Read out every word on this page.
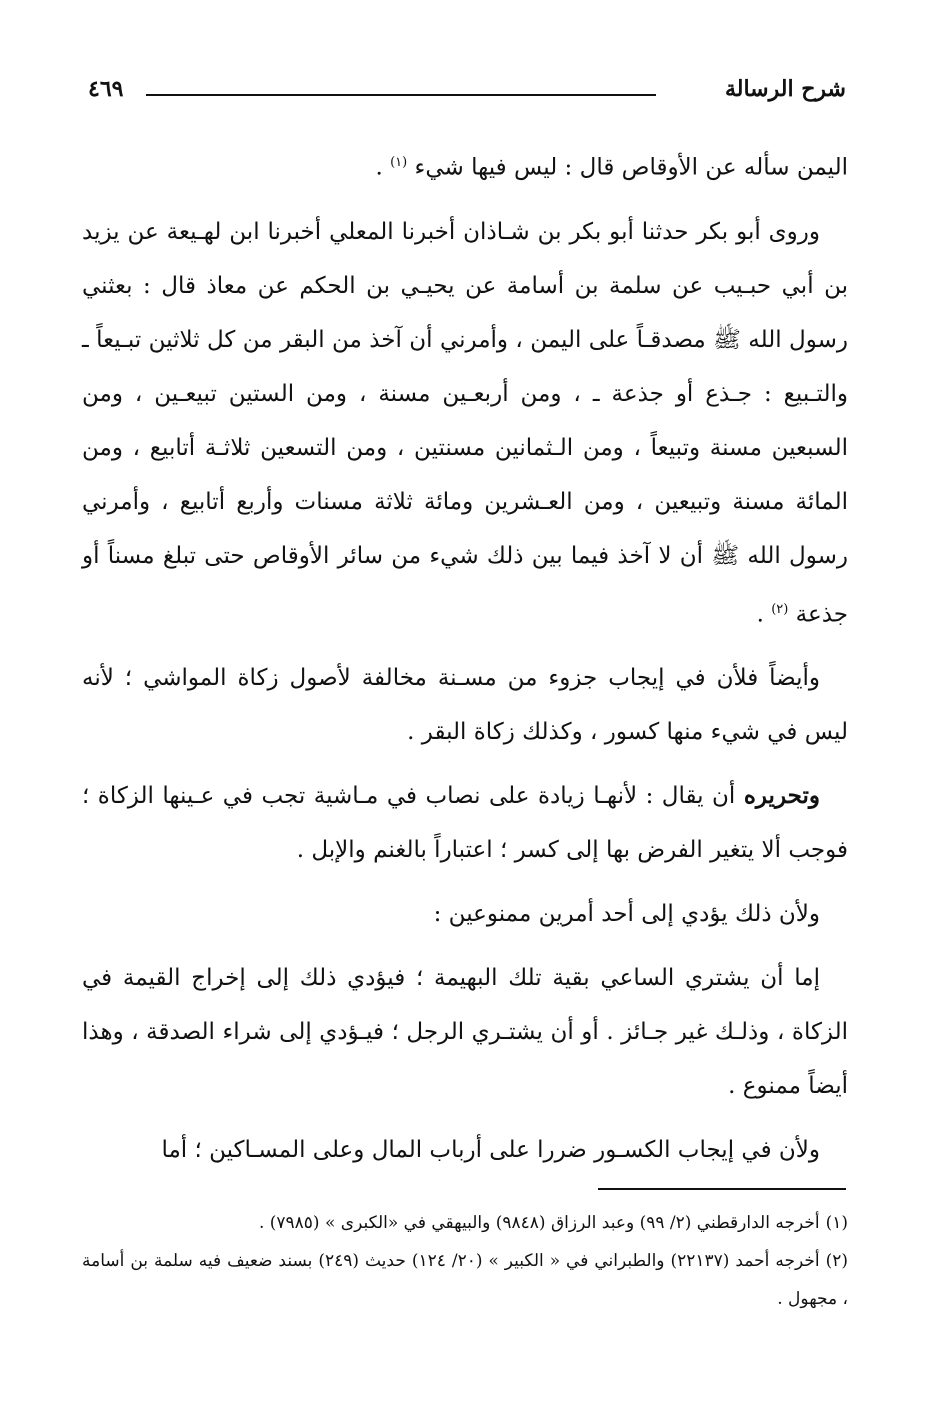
شرح الرسالة
٤٦٩

اليمن سأله عن الأوقاص قال : ليس فيها شيء $^{(١)}$ .

وروى أبو بكر حدثنا أبو بكر بن شـاذان أخبرنا المعلي أخبرنا ابن لهـيعة عن يزيد بن أبي حبـيب عن سلمة بن أسامة عن يحيـي بن الحكم عن معاذ قال : بعثني رسول الله ﷺ مصدقـاً على اليمن ، وأمرني أن آخذ من البقر من كل ثلاثين تبـيعاً ـ والتـبيع : جـذع أو جذعة ـ ، ومن أربعـين مسنة ، ومن الستين تبيعـين ، ومن السبعين مسنة وتبيعاً ، ومن الـثمانين مسنتين ، ومن التسعين ثلاثـة أتابيع ، ومن المائة مسنة وتبيعين ، ومن العـشرين ومائة ثلاثة مسنات وأربع أتابيع ، وأمرني رسول الله ﷺ أن لا آخذ فيما بين ذلك شيء من سائر الأوقاص حتى تبلغ مسناً أو جذعة $^{(٢)}$ .

وأيضاً فلأن في إيجاب جزوء من مسـنة مخالفة لأصول زكاة المواشي ؛ لأنه ليس في شيء منها كسور ، وكذلك زكاة البقر .

وتحريره أن يقال : لأنهـا زيادة على نصاب في مـاشية تجب في عـينها الزكاة ؛ فوجب ألا يتغير الفرض بها إلى كسر ؛ اعتباراً بالغنم والإبل .

ولأن ذلك يؤدي إلى أحد أمرين ممنوعين :

إما أن يشتري الساعي بقية تلك البهيمة ؛ فيؤدي ذلك إلى إخراج القيمة في الزكاة ، وذلـك غير جـائز . أو أن يشتـري الرجل ؛ فيـؤدي إلى شراء الصدقة ، وهذا أيضاً ممنوع .

ولأن في إيجاب الكسـور ضررا على أرباب المال وعلى المسـاكين ؛ أما

(١)أخرجه الدارقطني (٢/ ٩٩) وعبد الرزاق (٩٨٤٨) والبيهقي في «الكبرى » (٧٩٨٥) .

(٢)أخرجه أحمد (٢٢١٣٧) والطبراني في « الكبير » (٢٠/ ١٢٤) حديث (٢٤٩) بسند ضعيف فيه سلمة بن أسامة ، مجهول .
